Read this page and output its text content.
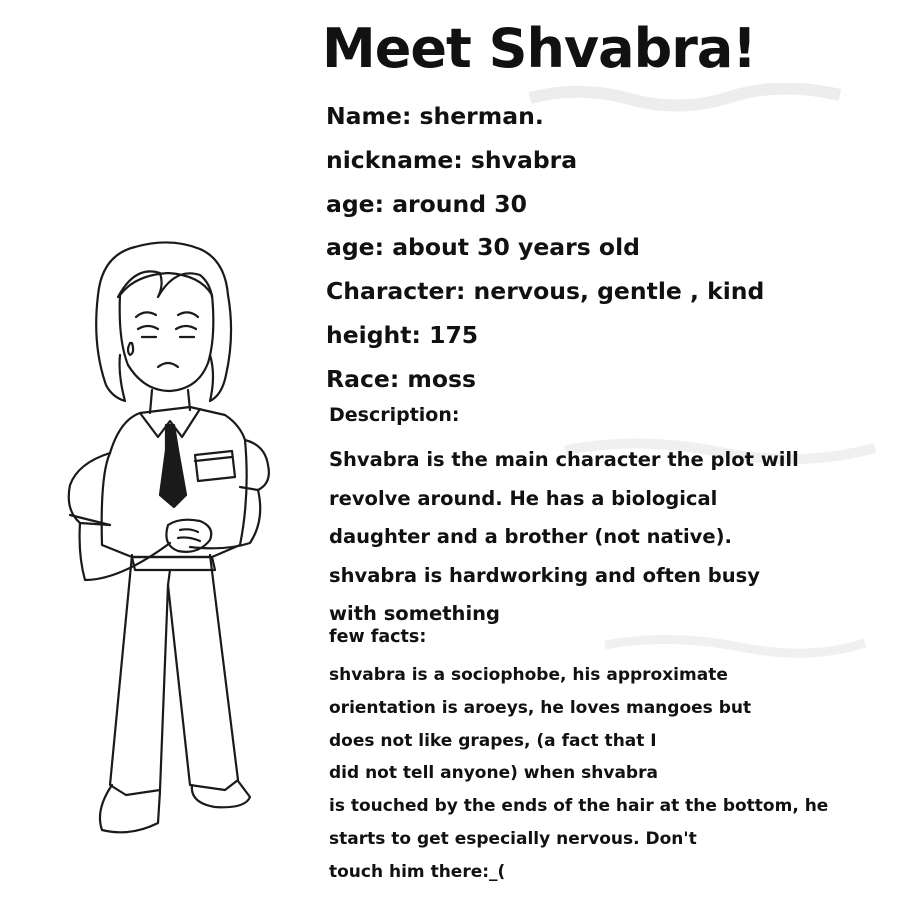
Meet Shvabra!
Name: sherman.
nickname: shvabra
age: around 30
age: about 30 years old
Character: nervous, gentle , kind
height: 175
Race: moss
Description:
Shvabra is the main character the plot will
revolve around. He has a biological
daughter and a brother (not native).
shvabra is hardworking and often busy
with something
few facts:
shvabra is a sociophobe, his approximate
orientation is aroeys, he loves mangoes but
does not like grapes, (a fact that I
did not tell anyone) when shvabra
is touched by the ends of the hair at the bottom, he
starts to get especially nervous. Don't
touch him there:_(
